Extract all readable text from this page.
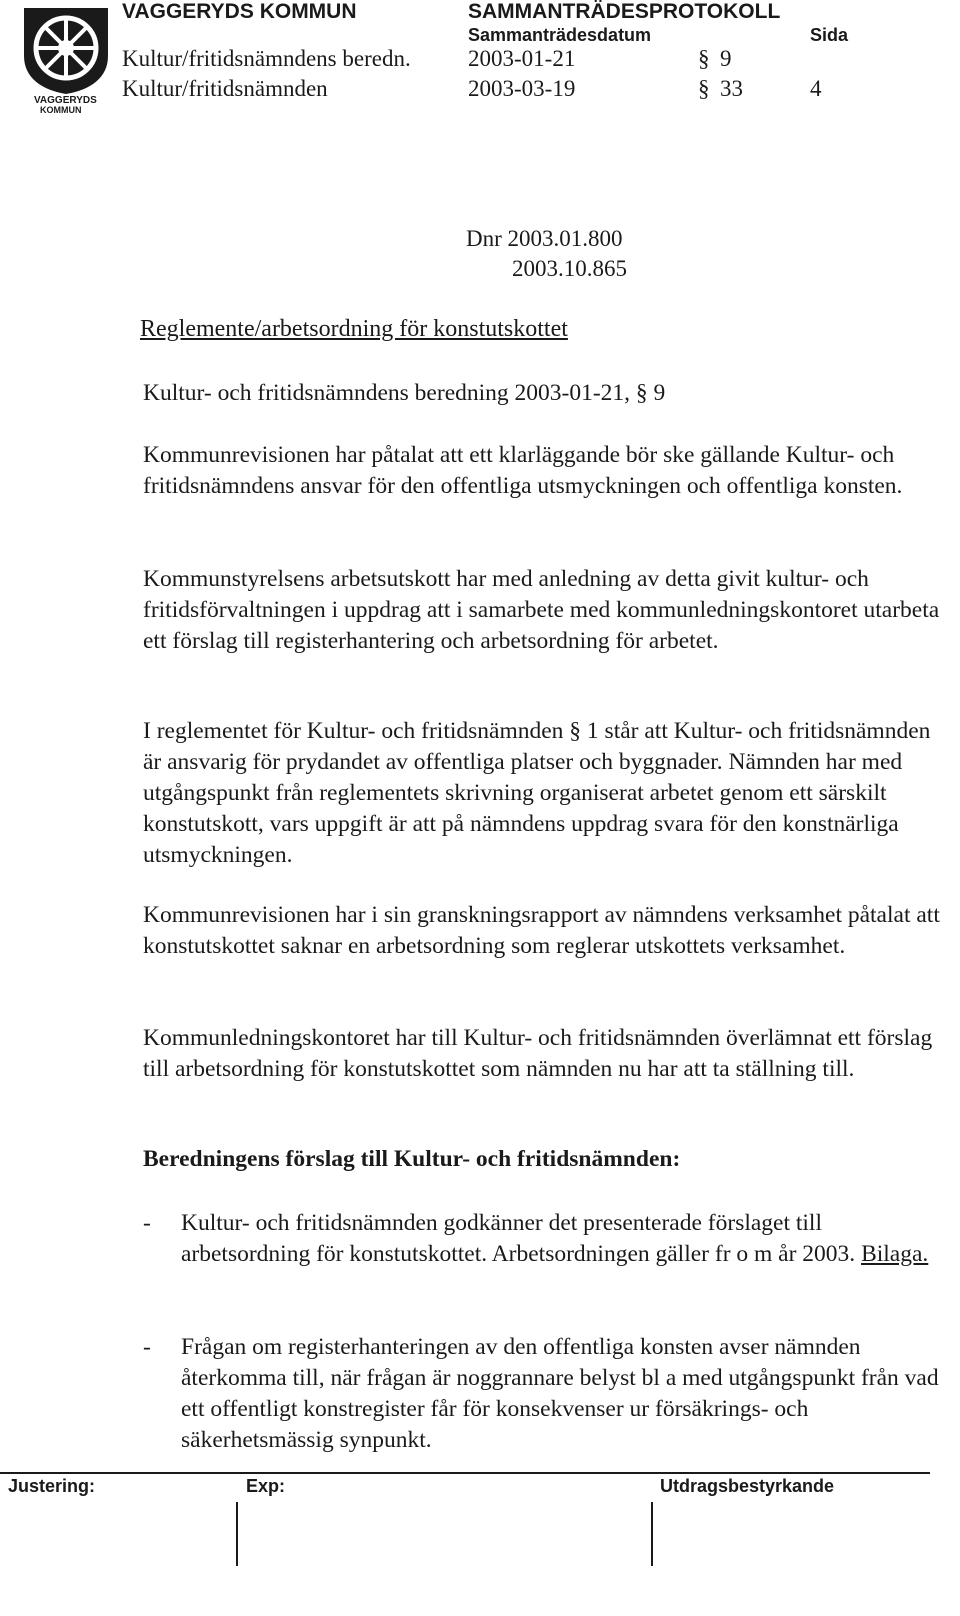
VAGGERYDS
KOMMUN
VAGGERYDS KOMMUN	SAMMANTRÄDESPROTOKOLL
Sammanträdesdatum	Sida
Kultur/fritidsnämndens beredn. 2003-01-21	§ 9
Kultur/fritidsnämnden	2003-03-19	§ 33	4
Dnr 2003.01.800
2003.10.865
Reglemente/arbetsordning för konstutskottet

Kultur- och fritidsnämndens beredning 2003-01-21, § 9

Kommunrevisionen har påtalat att ett klarläggande bör ske gällande Kultur- och fritidsnämndens ansvar för den offentliga utsmyckningen och offentliga konsten.

Kommunstyrelsens arbetsutskott har med anledning av detta givit kultur- och fritidsförvaltningen i uppdrag att i samarbete med kommunledningskontoret utarbeta ett förslag till registerhantering och arbetsordning för arbetet.

I reglementet för Kultur- och fritidsnämnden § 1 står att Kultur- och fritidsnämnden är ansvarig för prydandet av offentliga platser och byggnader. Nämnden har med utgångspunkt från reglementets skrivning organiserat arbetet genom ett särskilt konstutskott, vars uppgift är att på nämndens uppdrag svara för den konstnärliga utsmyckningen.

Kommunrevisionen har i sin granskningsrapport av nämndens verksamhet påtalat att konstutskottet saknar en arbetsordning som reglerar utskottets verksamhet.

Kommunledningskontoret har till Kultur- och fritidsnämnden överlämnat ett förslag till arbetsordning för konstutskottet som nämnden nu har att ta ställning till.

Beredningens förslag till Kultur- och fritidsnämnden:
- Kultur- och fritidsnämnden godkänner det presenterade förslaget till arbetsordning för konstutskottet. Arbetsordningen gäller fr o m år 2003. Bilaga.

- Frågan om registerhanteringen av den offentliga konsten avser nämnden återkomma till, när frågan är noggrannare belyst bl a med utgångspunkt från vad ett offentligt konstregister får för konsekvenser ur försäkrings- och säkerhetsmässig synpunkt.

Justering:	Exp:	Utdragsbestyrkande
